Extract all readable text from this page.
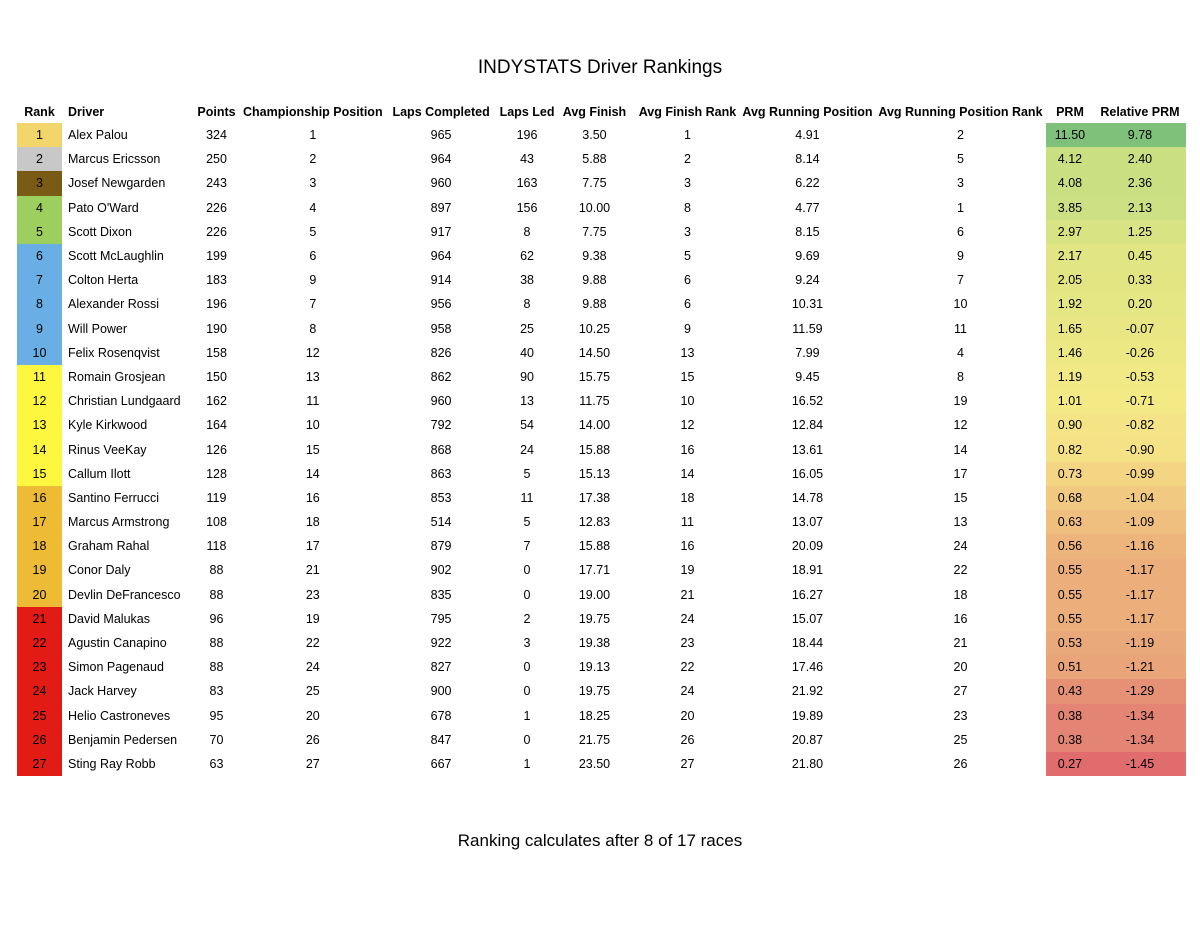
INDYSTATS Driver Rankings
Rank	Driver	Points	Championship Position	Laps Completed	Laps Led	Avg Finish	Avg Finish Rank	Avg Running Position	Avg Running Position Rank	PRM	Relative PRM
1	Alex Palou	324	1	965	196	3.50	1	4.91	2	11.50	9.78
2	Marcus Ericsson	250	2	964	43	5.88	2	8.14	5	4.12	2.40
3	Josef Newgarden	243	3	960	163	7.75	3	6.22	3	4.08	2.36
4	Pato O'Ward	226	4	897	156	10.00	8	4.77	1	3.85	2.13
5	Scott Dixon	226	5	917	8	7.75	3	8.15	6	2.97	1.25
6	Scott McLaughlin	199	6	964	62	9.38	5	9.69	9	2.17	0.45
7	Colton Herta	183	9	914	38	9.88	6	9.24	7	2.05	0.33
8	Alexander Rossi	196	7	956	8	9.88	6	10.31	10	1.92	0.20
9	Will Power	190	8	958	25	10.25	9	11.59	11	1.65	-0.07
10	Felix Rosenqvist	158	12	826	40	14.50	13	7.99	4	1.46	-0.26
11	Romain Grosjean	150	13	862	90	15.75	15	9.45	8	1.19	-0.53
12	Christian Lundgaard	162	11	960	13	11.75	10	16.52	19	1.01	-0.71
13	Kyle Kirkwood	164	10	792	54	14.00	12	12.84	12	0.90	-0.82
14	Rinus VeeKay	126	15	868	24	15.88	16	13.61	14	0.82	-0.90
15	Callum Ilott	128	14	863	5	15.13	14	16.05	17	0.73	-0.99
16	Santino Ferrucci	119	16	853	11	17.38	18	14.78	15	0.68	-1.04
17	Marcus Armstrong	108	18	514	5	12.83	11	13.07	13	0.63	-1.09
18	Graham Rahal	118	17	879	7	15.88	16	20.09	24	0.56	-1.16
19	Conor Daly	88	21	902	0	17.71	19	18.91	22	0.55	-1.17
20	Devlin DeFrancesco	88	23	835	0	19.00	21	16.27	18	0.55	-1.17
21	David Malukas	96	19	795	2	19.75	24	15.07	16	0.55	-1.17
22	Agustin Canapino	88	22	922	3	19.38	23	18.44	21	0.53	-1.19
23	Simon Pagenaud	88	24	827	0	19.13	22	17.46	20	0.51	-1.21
24	Jack Harvey	83	25	900	0	19.75	24	21.92	27	0.43	-1.29
25	Helio Castroneves	95	20	678	1	18.25	20	19.89	23	0.38	-1.34
26	Benjamin Pedersen	70	26	847	0	21.75	26	20.87	25	0.38	-1.34
27	Sting Ray Robb	63	27	667	1	23.50	27	21.80	26	0.27	-1.45
Ranking calculates after 8 of 17 races
